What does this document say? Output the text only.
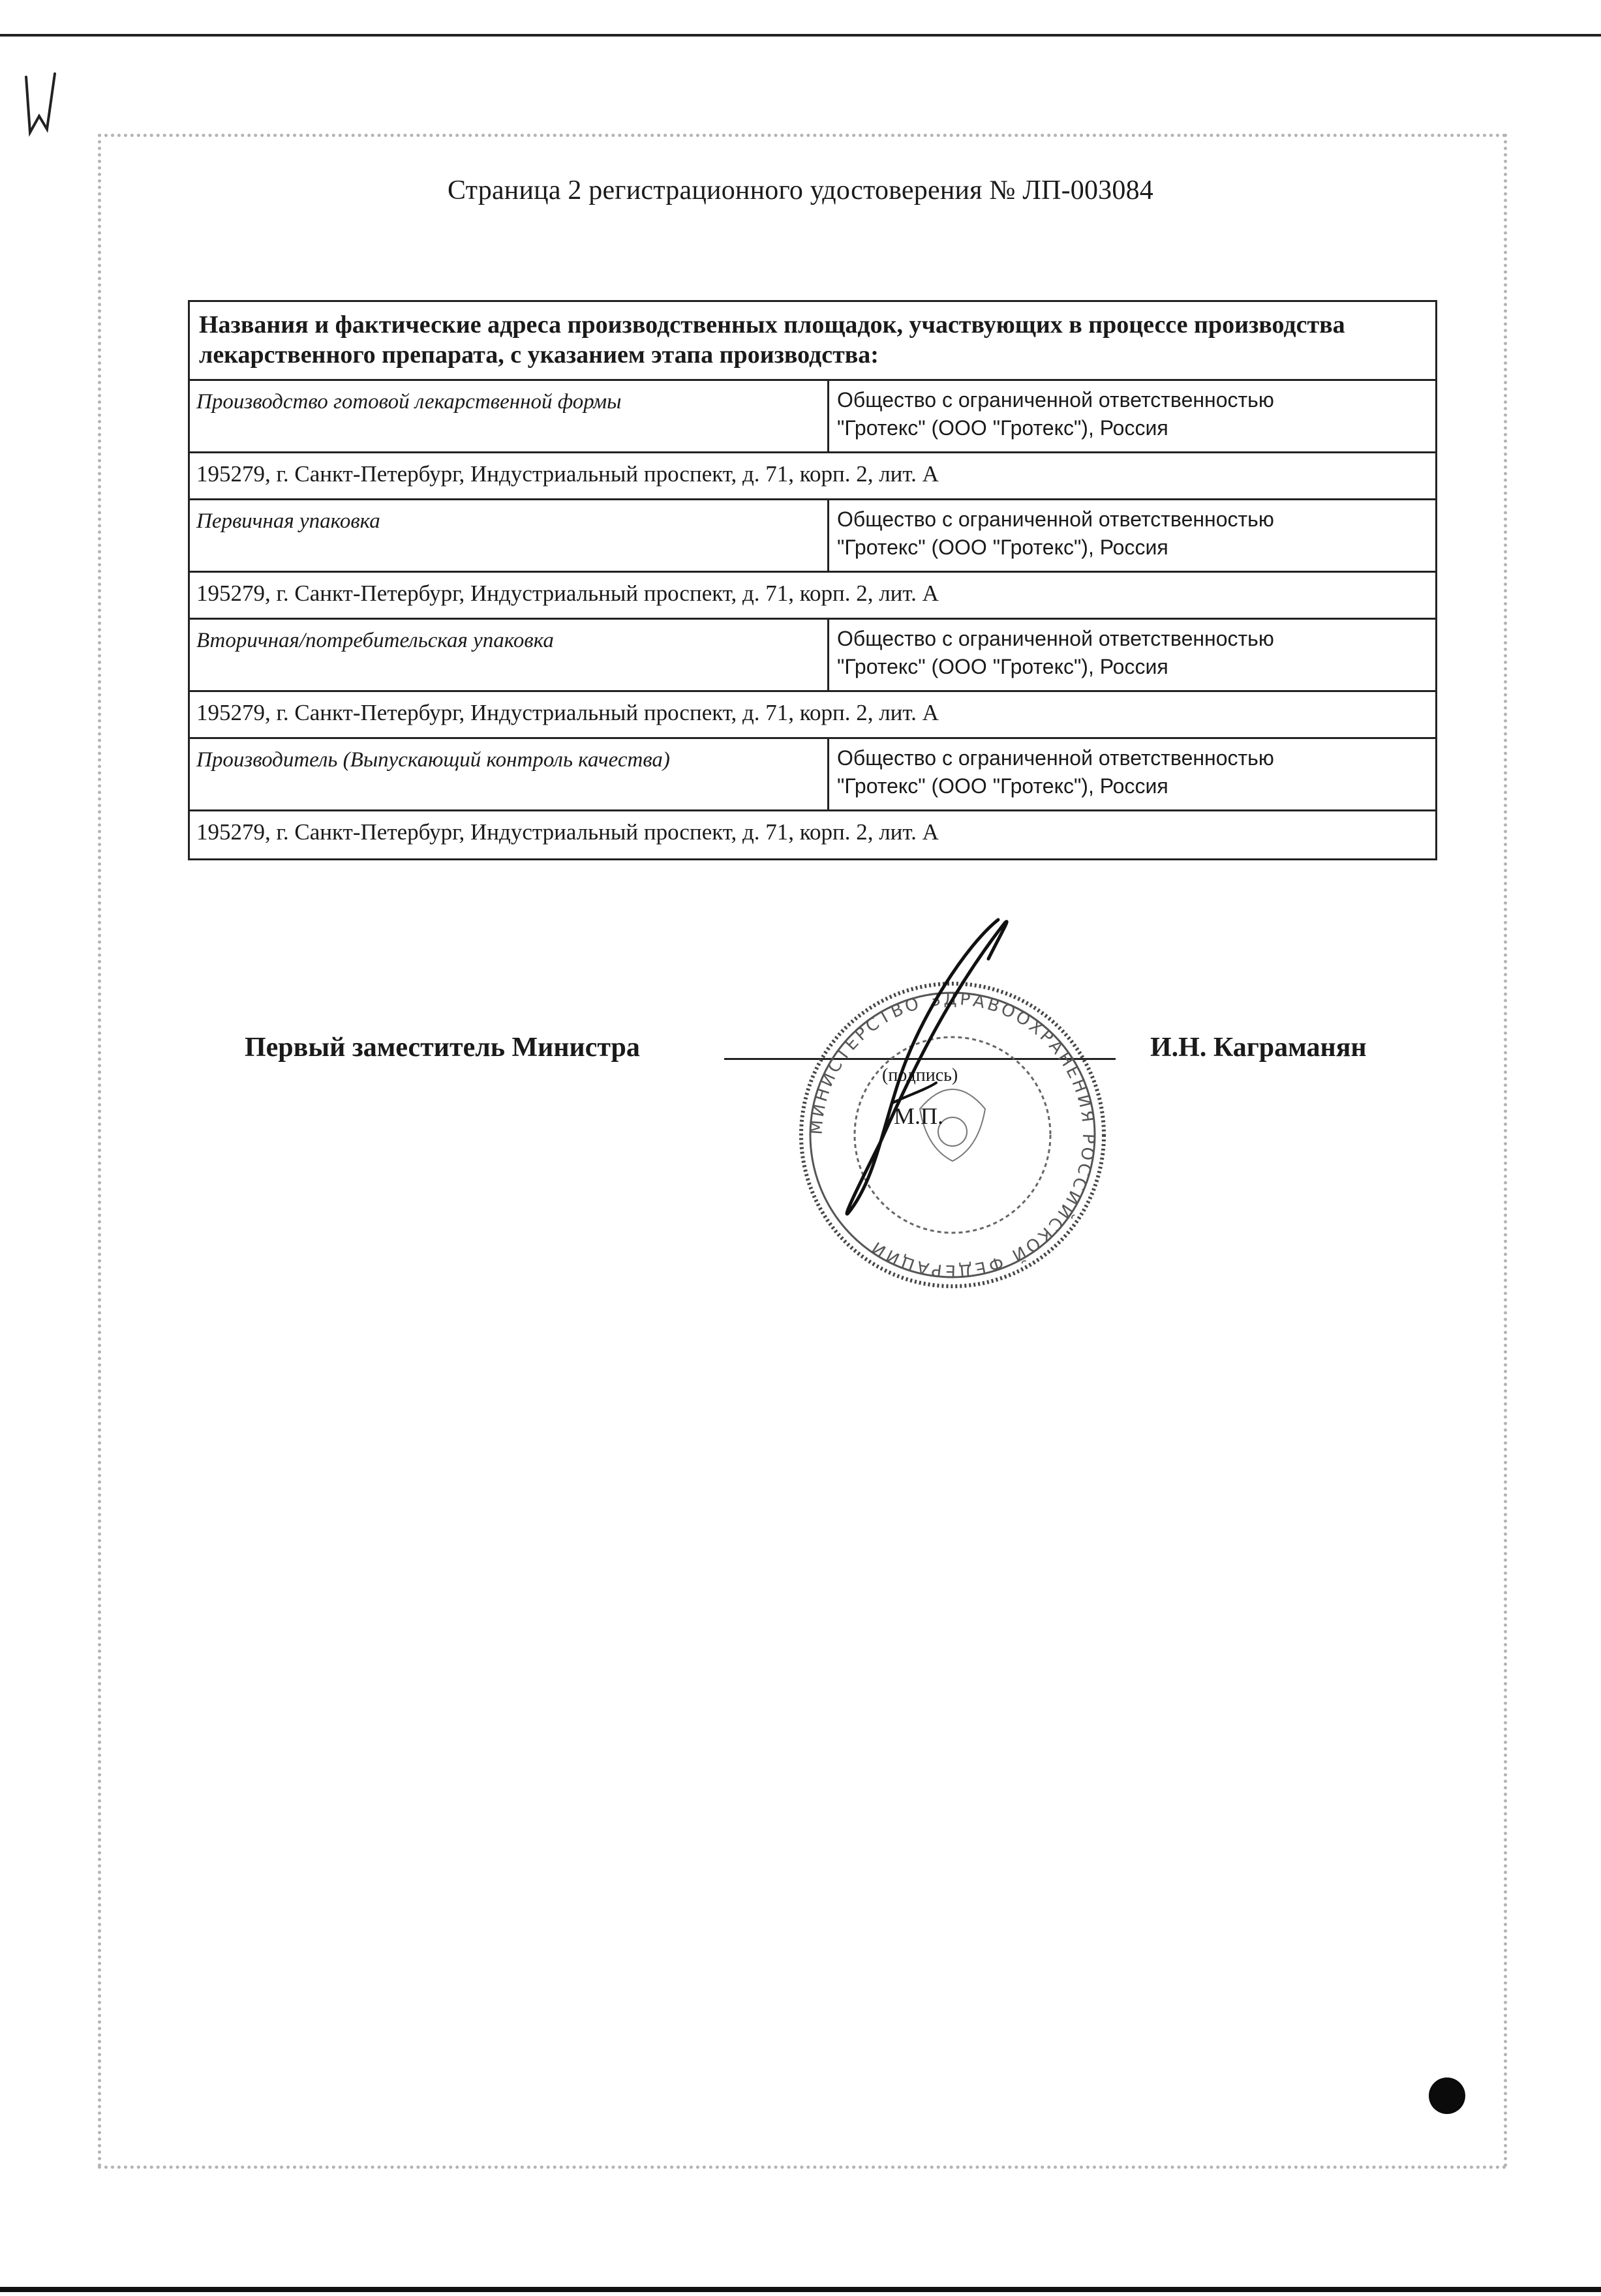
Страница 2 регистрационного удостоверения № ЛП-003084
Названия и фактические адреса производственных площадок, участвующих в процессе производства лекарственного препарата, с указанием этапа производства:
Производство готовой лекарственной формы	Общество с ограниченной ответственностью
"Гротекс" (ООО "Гротекс"), Россия
195279, г. Санкт-Петербург, Индустриальный проспект, д. 71, корп. 2, лит. А
Первичная упаковка	Общество с ограниченной ответственностью
"Гротекс" (ООО "Гротекс"), Россия
195279, г. Санкт-Петербург, Индустриальный проспект, д. 71, корп. 2, лит. А
Вторичная/потребительская упаковка	Общество с ограниченной ответственностью
"Гротекс" (ООО "Гротекс"), Россия
195279, г. Санкт-Петербург, Индустриальный проспект, д. 71, корп. 2, лит. А
Производитель (Выпускающий контроль качества)	Общество с ограниченной ответственностью
"Гротекс" (ООО "Гротекс"), Россия
195279, г. Санкт-Петербург, Индустриальный проспект, д. 71, корп. 2, лит. А
Первый заместитель Министра
(подпись)
М.П.
И.Н. Каграманян
МИНИСТЕРСТВО ЗДРАВООХРАНЕНИЯ РОССИЙСКОЙ ФЕДЕРАЦИИ
